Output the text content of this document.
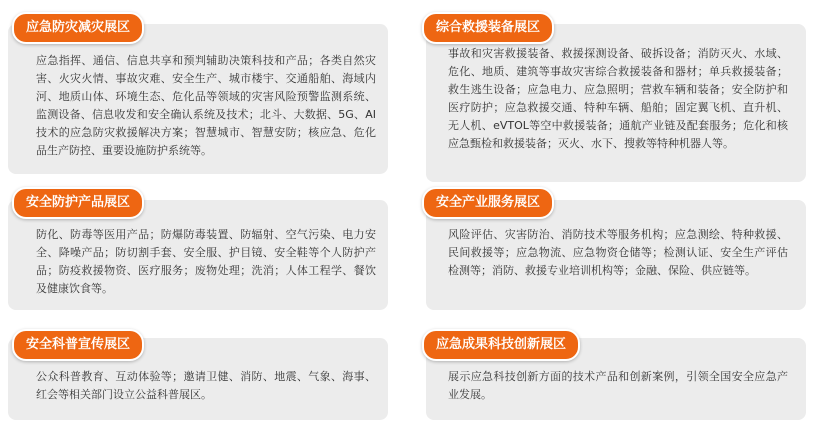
应急防灾减灾展区
安全防护产品展区
安全科普宣传展区
综合救援装备展区
安全产业服务展区
应急成果科技创新展区
应急指挥、通信、信息共享和预判辅助决策科技和产品；各类自然灾害、火灾火情、事故灾难、安全生产、城市楼宇、交通船舶、海域内河、地质山体、环境生态、危化品等领域的灾害风险预警监测系统、监测设备、信息收发和安全确认系统及技术；北斗、大数据、5G、AI技术的应急防灾救援解决方案；智慧城市、智慧安防；核应急、危化品生产防控、重要设施防护系统等。
防化、防毒等医用产品；防爆防毒装置、防辐射、空气污染、电力安全、降噪产品；防切割手套、安全服、护目镜、安全鞋等个人防护产品；防疫救援物资、医疗服务；废物处理；洗消；人体工程学、餐饮及健康饮食等。
公众科普教育、互动体验等；邀请卫健、消防、地震、气象、海事、红会等相关部门设立公益科普展区。
事故和灾害救援装备、救援探测设备、破拆设备；消防灭火、水域、危化、地质、建筑等事故灾害综合救援装备和器材；单兵救援装备；救生逃生设备；应急电力、应急照明；营救车辆和装备；安全防护和医疗防护；应急救援交通、特种车辆、船舶；固定翼飞机、直升机、无人机、eVTOL等空中救援装备；通航产业链及配套服务；危化和核应急甄检和救援装备；灭火、水下、搜救等特种机器人等。
风险评估、灾害防治、消防技术等服务机构；应急测绘、特种救援、民间救援等；应急物流、应急物资仓储等；检测认证、安全生产评估检测等；消防、救援专业培训机构等；金融、保险、供应链等。
展示应急科技创新方面的技术产品和创新案例，引领全国安全应急产业发展。
